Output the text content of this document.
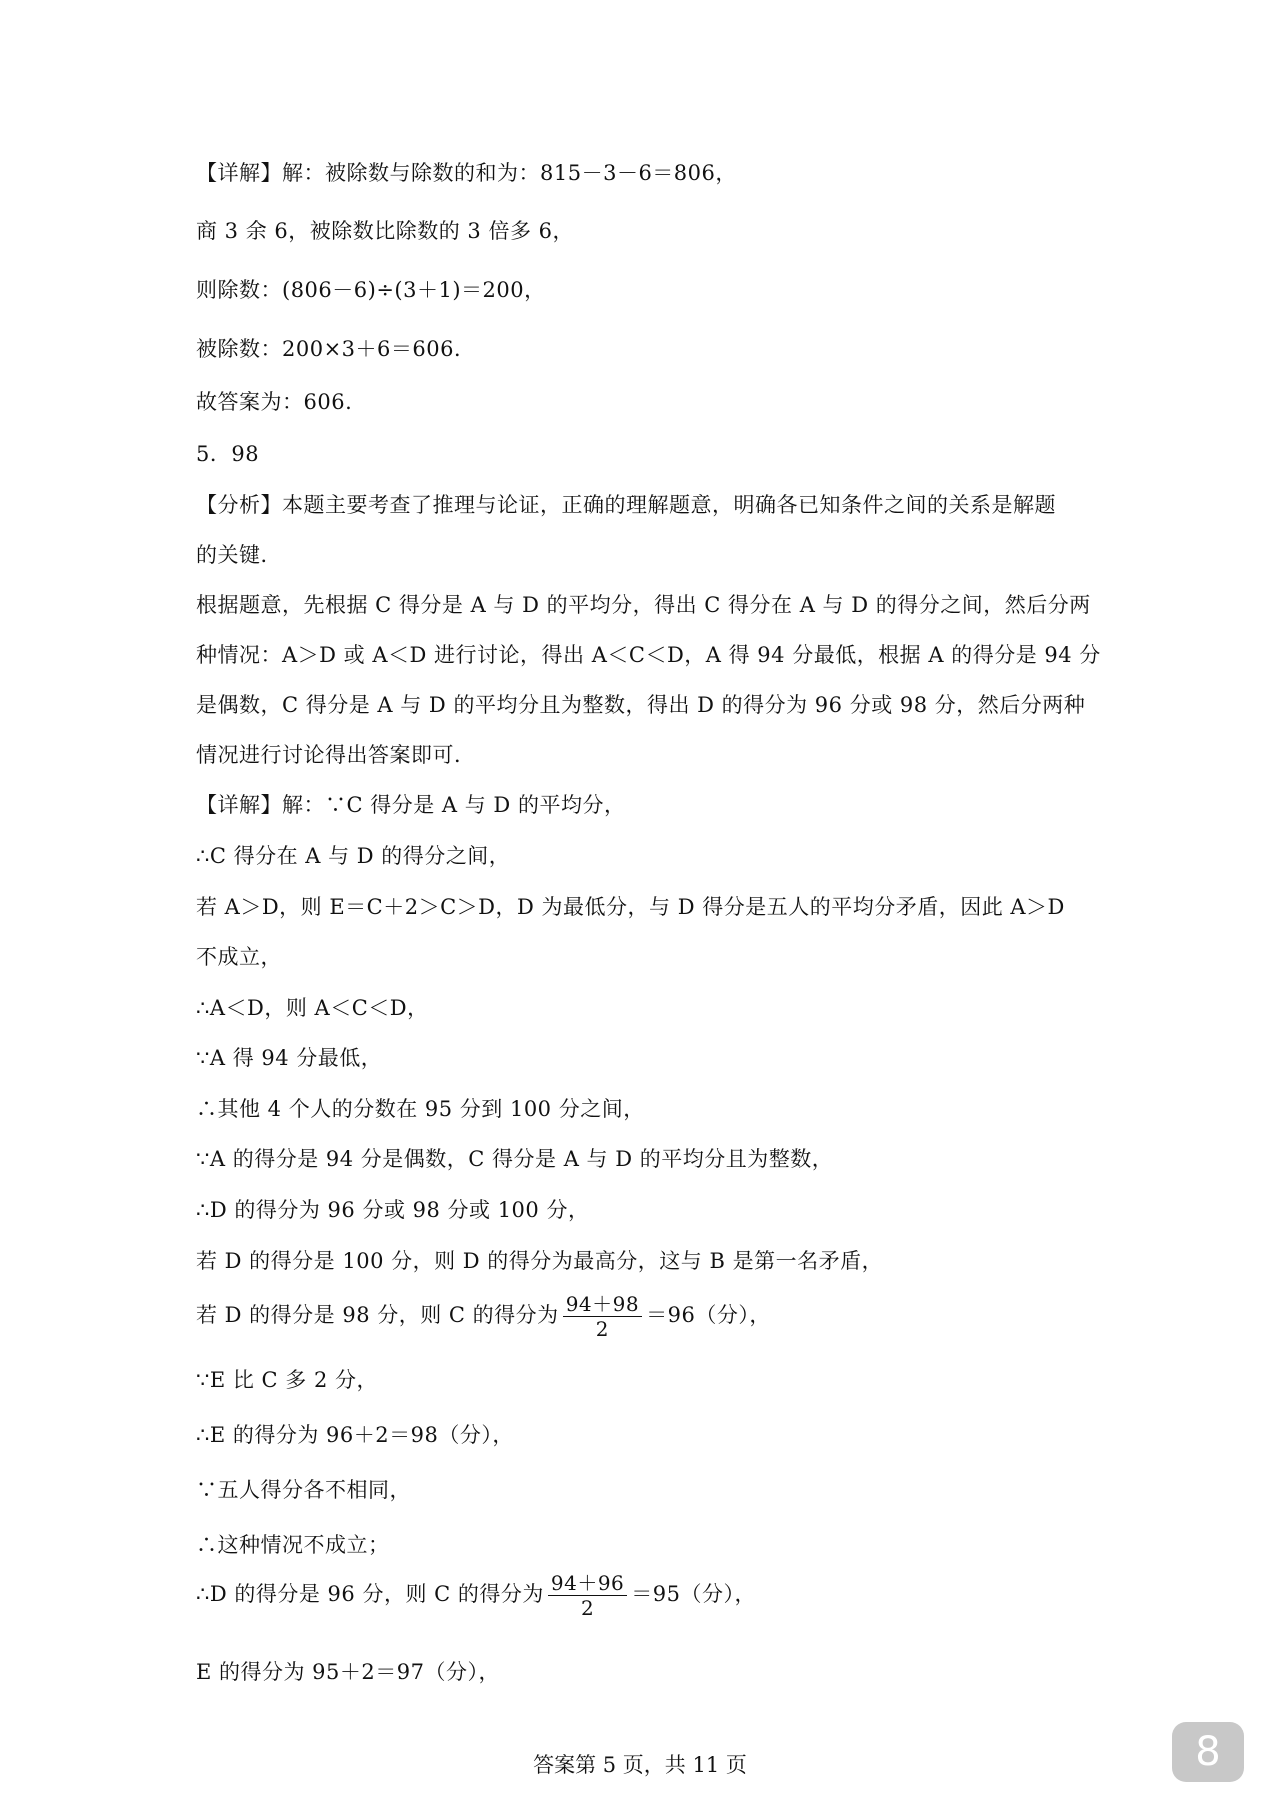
【详解】解：被除数与除数的和为：815－3－6＝806，
商 3 余 6，被除数比除数的 3 倍多 6，
则除数：(806－6)÷(3＋1)＝200，
被除数：200×3＋6＝606．
故答案为：606.
5．98
【分析】本题主要考查了推理与论证，正确的理解题意，明确各已知条件之间的关系是解题
的关键．
根据题意，先根据 C 得分是 A 与 D 的平均分，得出 C 得分在 A 与 D 的得分之间，然后分两
种情况：A＞D 或 A＜D 进行讨论，得出 A＜C＜D，A 得 94 分最低，根据 A 的得分是 94 分
是偶数，C 得分是 A 与 D 的平均分且为整数，得出 D 的得分为 96 分或 98 分，然后分两种
情况进行讨论得出答案即可．
【详解】解：∵C 得分是 A 与 D 的平均分，
∴C 得分在 A 与 D 的得分之间，
若 A＞D，则 E＝C＋2＞C＞D，D 为最低分，与 D 得分是五人的平均分矛盾，因此 A＞D
不成立，
∴A＜D，则 A＜C＜D，
∵A 得 94 分最低，
∴其他 4 个人的分数在 95 分到 100 分之间，
∵A 的得分是 94 分是偶数，C 得分是 A 与 D 的平均分且为整数，
∴D 的得分为 96 分或 98 分或 100 分，
若 D 的得分是 100 分，则 D 的得分为最高分，这与 B 是第一名矛盾，
若 D 的得分是 98 分，则 C 的得分为 $\frac{94+98}{2} =96$（分），
∵E 比 C 多 2 分，
∴E 的得分为 96＋2＝98（分），
∵五人得分各不相同，
∴这种情况不成立；
∴D 的得分是 96 分，则 C 的得分为 $\frac{94+96}{2} =95$（分），
E 的得分为 95＋2＝97（分），
答案第 5 页，共 11 页	8
